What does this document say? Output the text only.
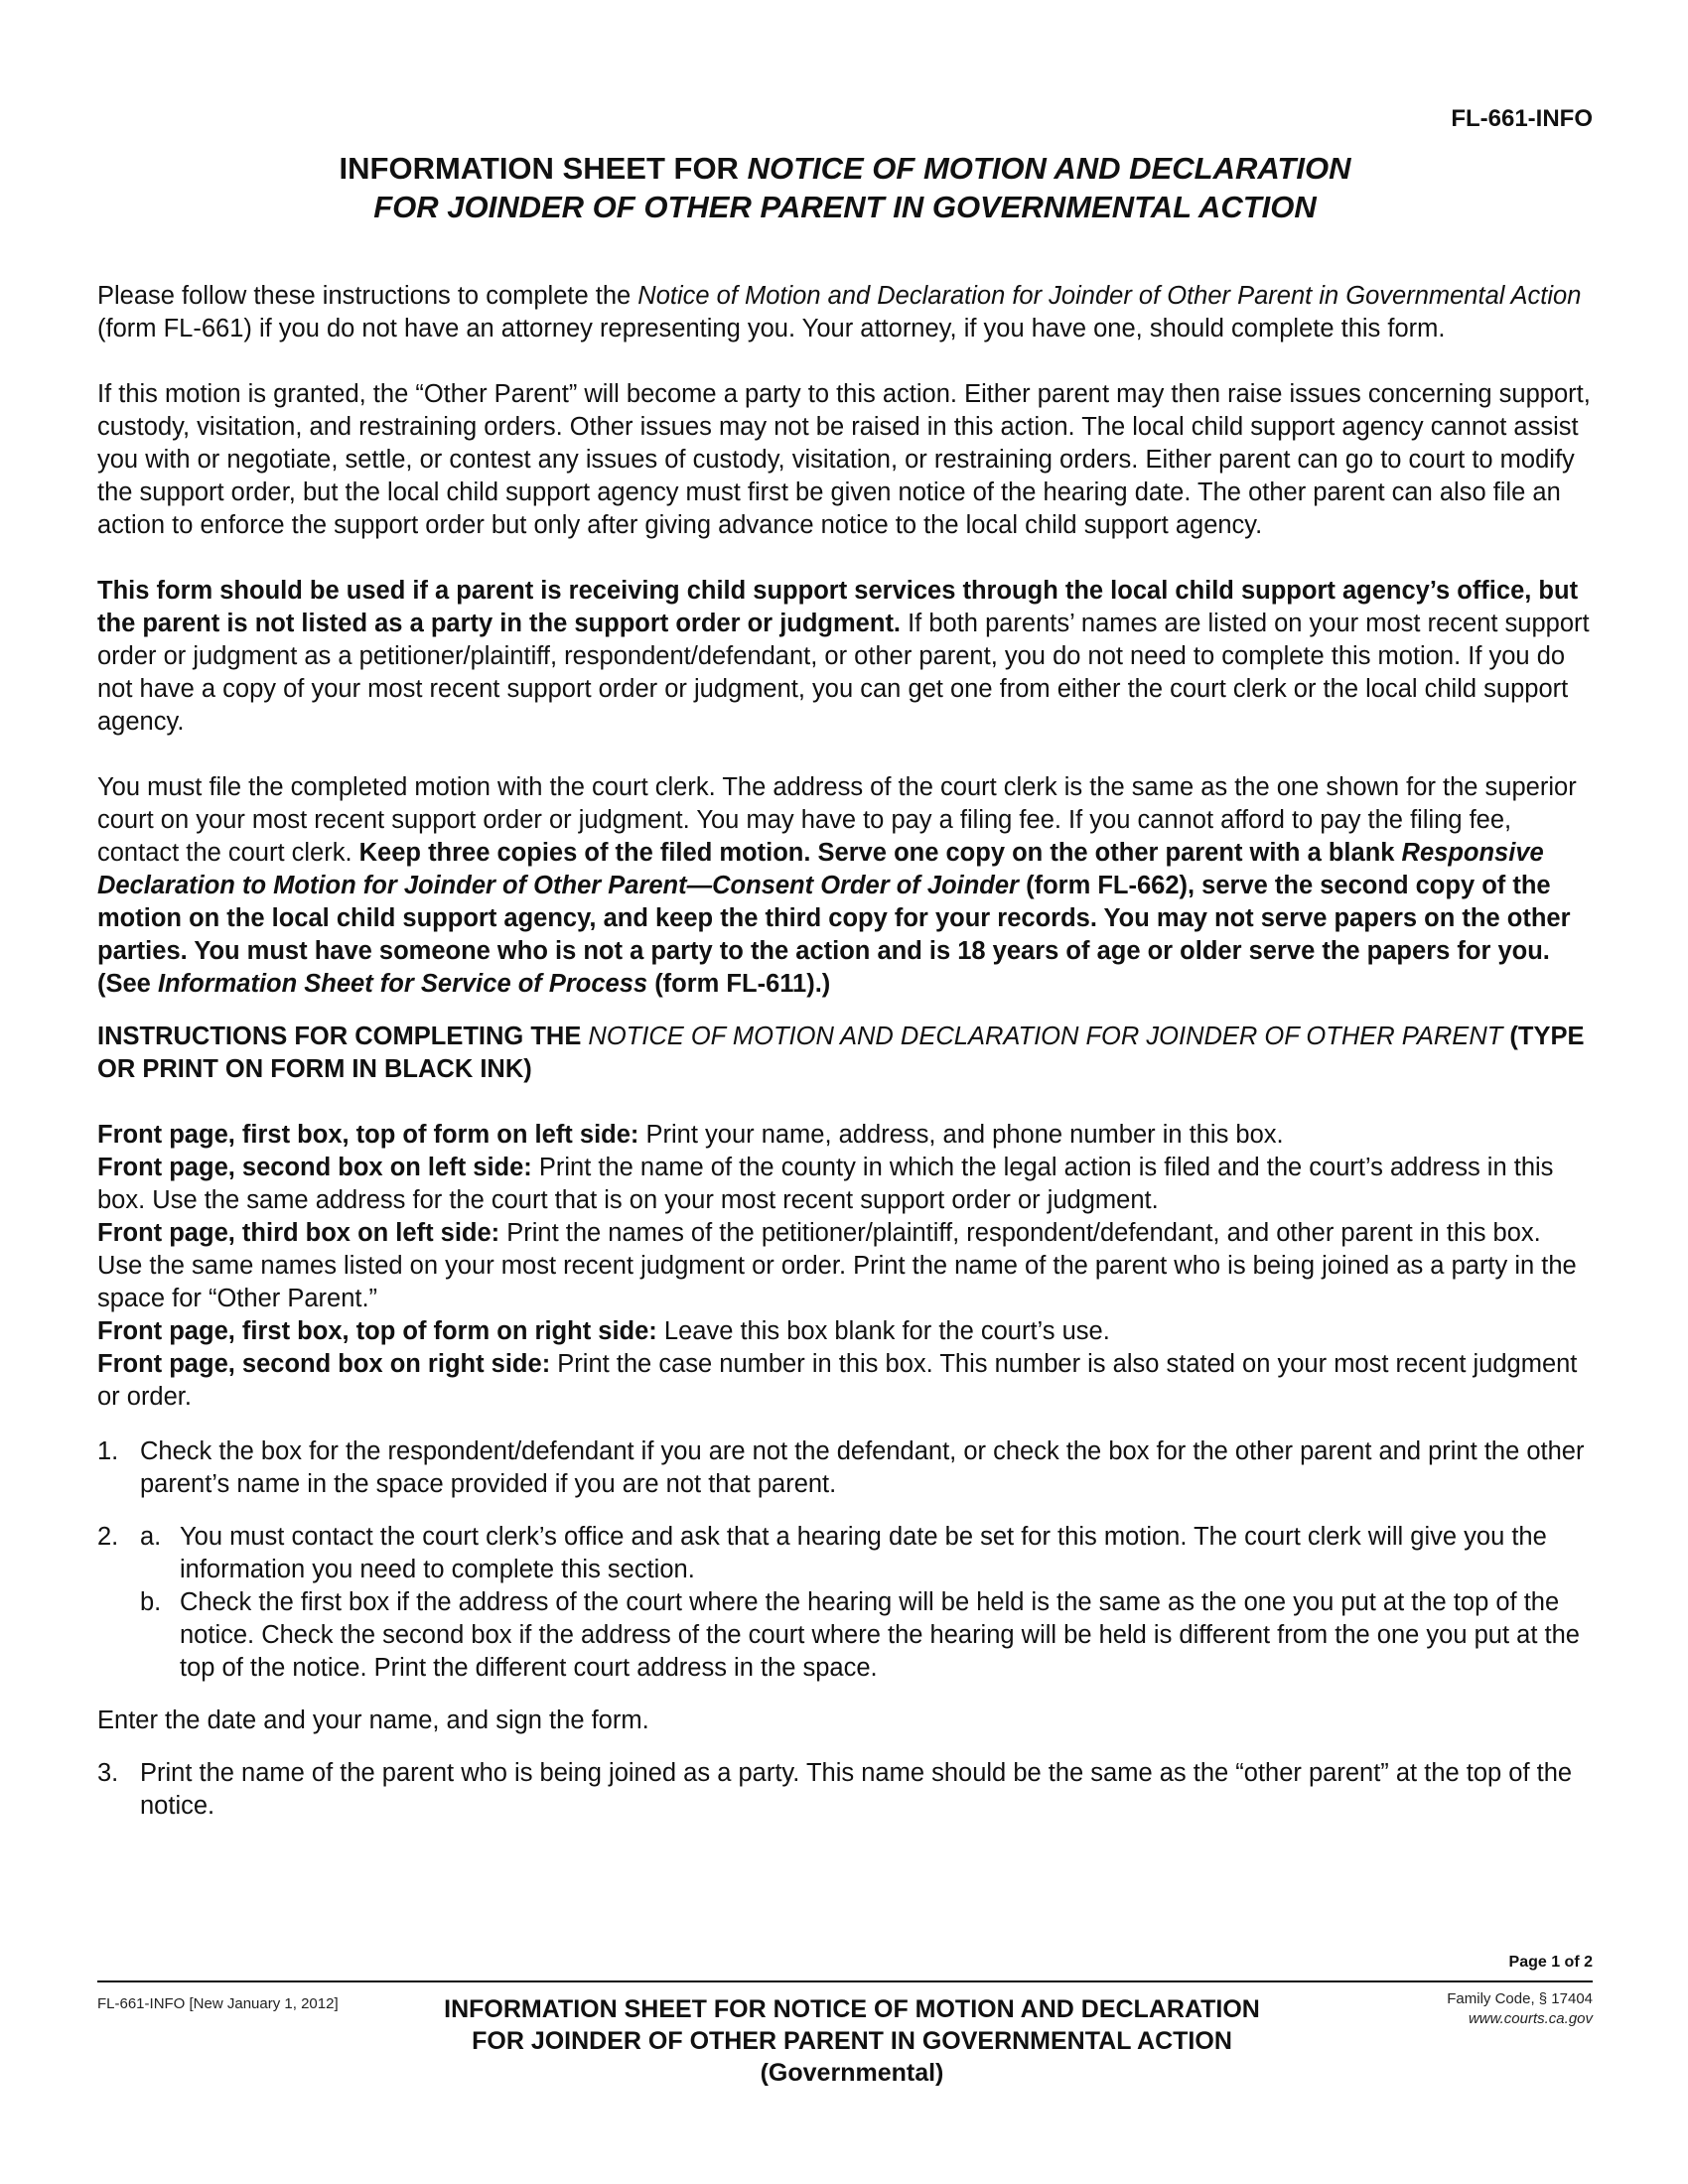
FL-661-INFO
INFORMATION SHEET FOR NOTICE OF MOTION AND DECLARATION
FOR JOINDER OF OTHER PARENT IN GOVERNMENTAL ACTION

Please follow these instructions to complete the Notice of Motion and Declaration for Joinder of Other Parent in Governmental Action (form FL-661) if you do not have an attorney representing you. Your attorney, if you have one, should complete this form.

If this motion is granted, the “Other Parent” will become a party to this action. Either parent may then raise issues concerning support, custody, visitation, and restraining orders. Other issues may not be raised in this action. The local child support agency cannot assist you with or negotiate, settle, or contest any issues of custody, visitation, or restraining orders. Either parent can go to court to modify the support order, but the local child support agency must first be given notice of the hearing date. The other parent can also file an action to enforce the support order but only after giving advance notice to the local child support agency.

This form should be used if a parent is receiving child support services through the local child support agency’s office, but the parent is not listed as a party in the support order or judgment. If both parents’ names are listed on your most recent support order or judgment as a petitioner/plaintiff, respondent/defendant, or other parent, you do not need to complete this motion. If you do not have a copy of your most recent support order or judgment, you can get one from either the court clerk or the local child support agency.

You must file the completed motion with the court clerk. The address of the court clerk is the same as the one shown for the superior court on your most recent support order or judgment. You may have to pay a filing fee. If you cannot afford to pay the filing fee, contact the court clerk. Keep three copies of the filed motion. Serve one copy on the other parent with a blank Responsive Declaration to Motion for Joinder of Other Parent—Consent Order of Joinder (form FL-662), serve the second copy of the motion on the local child support agency, and keep the third copy for your records. You may not serve papers on the other parties. You must have someone who is not a party to the action and is 18 years of age or older serve the papers for you. (See Information Sheet for Service of Process (form FL-611).)

INSTRUCTIONS FOR COMPLETING THE NOTICE OF MOTION AND DECLARATION FOR JOINDER OF OTHER PARENT (TYPE OR PRINT ON FORM IN BLACK INK)

Front page, first box, top of form on left side: Print your name, address, and phone number in this box.

Front page, second box on left side: Print the name of the county in which the legal action is filed and the court’s address in this box. Use the same address for the court that is on your most recent support order or judgment.

Front page, third box on left side: Print the names of the petitioner/plaintiff, respondent/defendant, and other parent in this box. Use the same names listed on your most recent judgment or order. Print the name of the parent who is being joined as a party in the space for “Other Parent.”

Front page, first box, top of form on right side: Leave this box blank for the court’s use.

Front page, second box on right side: Print the case number in this box. This number is also stated on your most recent judgment or order.

1. Check the box for the respondent/defendant if you are not the defendant, or check the box for the other parent and print the other parent’s name in the space provided if you are not that parent.
2. a. You must contact the court clerk’s office and ask that a hearing date be set for this motion. The court clerk will give you the information you need to complete this section.
b. Check the first box if the address of the court where the hearing will be held is the same as the one you put at the top of the notice. Check the second box if the address of the court where the hearing will be held is different from the one you put at the top of the notice. Print the different court address in the space.

Enter the date and your name, and sign the form.

3. Print the name of the parent who is being joined as a party. This name should be the same as the “other parent” at the top of the notice.
Page 1 of 2
FL-661-INFO [New January 1, 2012]	INFORMATION SHEET FOR NOTICE OF MOTION AND DECLARATION
FOR JOINDER OF OTHER PARENT IN GOVERNMENTAL ACTION
(Governmental)
Family Code, § 17404
www.courts.ca.gov
